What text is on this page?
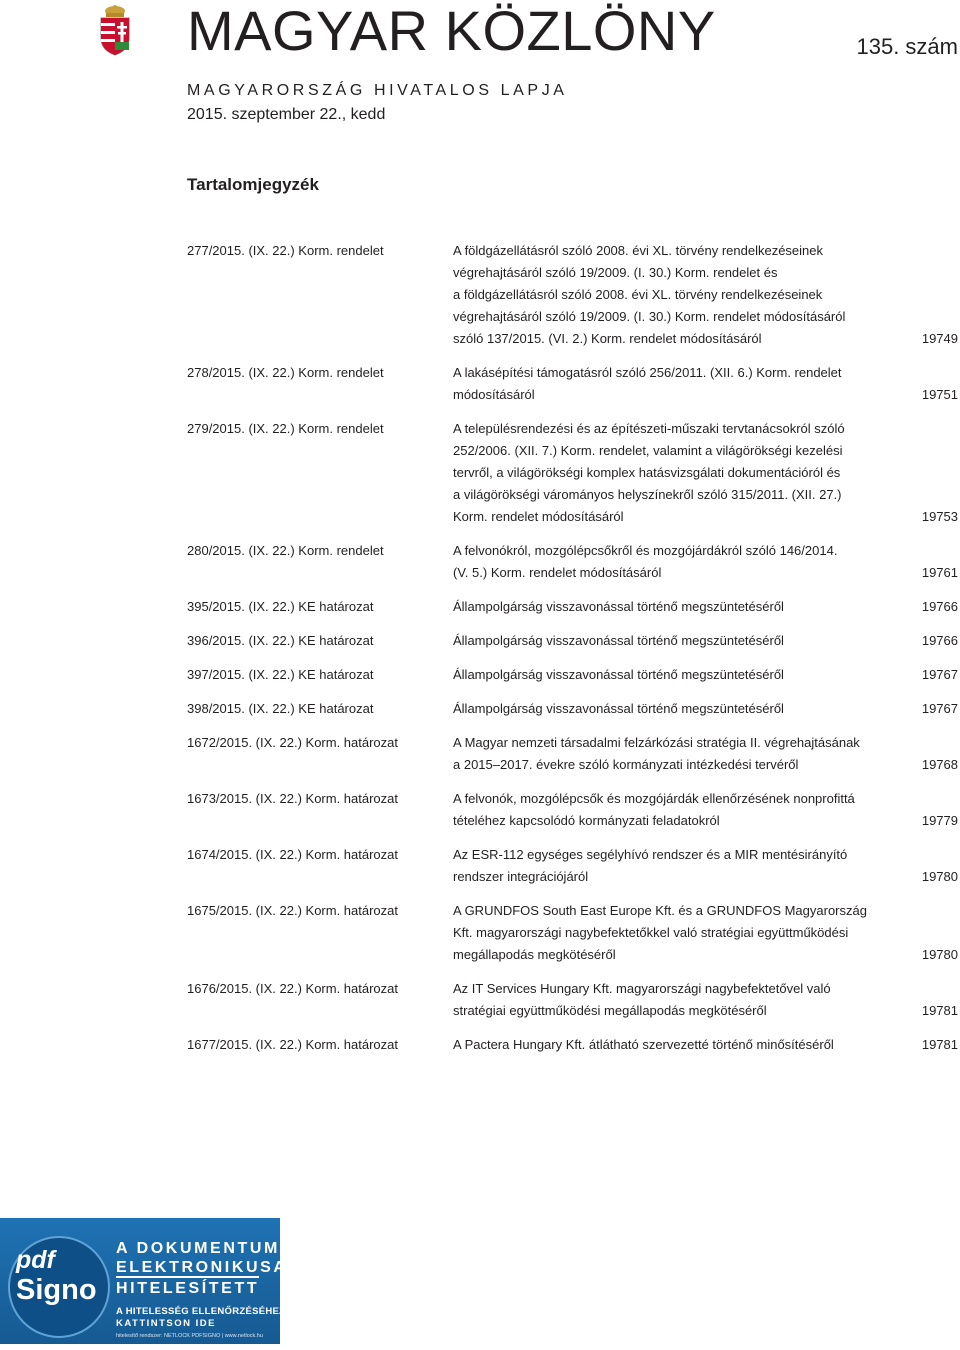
MAGYAR KÖZLÖNY	135. szám
MAGYARORSZÁG HIVATALOS LAPJA
2015. szeptember 22., kedd
Tartalomjegyzék
277/2015. (IX. 22.) Korm. rendelet	A földgázellátásról szóló 2008. évi XL. törvény rendelkezéseinek
végrehajtásáról szóló 19/2009. (I. 30.) Korm. rendelet és
a földgázellátásról szóló 2008. évi XL. törvény rendelkezéseinek
végrehajtásáról szóló 19/2009. (I. 30.) Korm. rendelet módosításáról
szóló 137/2015. (VI. 2.) Korm. rendelet módosításáról	19749
278/2015. (IX. 22.) Korm. rendelet	A lakásépítési támogatásról szóló 256/2011. (XII. 6.) Korm. rendelet
módosításáról	19751
279/2015. (IX. 22.) Korm. rendelet	A településrendezési és az építészeti-műszaki tervtanácsokról szóló
252/2006. (XII. 7.) Korm. rendelet, valamint a világörökségi kezelési
tervről, a világörökségi komplex hatásvizsgálati dokumentációról és
a világörökségi várományos helyszínekről szóló 315/2011. (XII. 27.)
Korm. rendelet módosításáról	19753
280/2015. (IX. 22.) Korm. rendelet	A felvonókról, mozgólépcsőkről és mozgójárdákról szóló 146/2014.
(V. 5.) Korm. rendelet módosításáról	19761
395/2015. (IX. 22.) KE határozat	Állampolgárság visszavonással történő megszüntetéséről	19766
396/2015. (IX. 22.) KE határozat	Állampolgárság visszavonással történő megszüntetéséről	19766
397/2015. (IX. 22.) KE határozat	Állampolgárság visszavonással történő megszüntetéséről	19767
398/2015. (IX. 22.) KE határozat	Állampolgárság visszavonással történő megszüntetéséről	19767
1672/2015. (IX. 22.) Korm. határozat	A Magyar nemzeti társadalmi felzárkózási stratégia II. végrehajtásának
a 2015–2017. évekre szóló kormányzati intézkedési tervéről	19768
1673/2015. (IX. 22.) Korm. határozat	A felvonók, mozgólépcsők és mozgójárdák ellenőrzésének nonprofittá
tételéhez kapcsolódó kormányzati feladatokról	19779
1674/2015. (IX. 22.) Korm. határozat	Az ESR-112 egységes segélyhívó rendszer és a MIR mentésirányító
rendszer integrációjáról	19780
1675/2015. (IX. 22.) Korm. határozat	A GRUNDFOS South East Europe Kft. és a GRUNDFOS Magyarország
Kft. magyarországi nagybefektetőkkel való stratégiai együttműködési
megállapodás megkötéséről	19780
1676/2015. (IX. 22.) Korm. határozat	Az IT Services Hungary Kft. magyarországi nagybefektetővel való
stratégiai együttműködési megállapodás megkötéséről	19781
1677/2015. (IX. 22.) Korm. határozat	A Pactera Hungary Kft. átlátható szervezetté történő minősítéséről	19781
pdf
Signo
A DOKUMENTUM
ELEKTRONIKUSAN
HITELESÍTETT
A HITELESSÉG ELLENŐRZÉSÉHEZ
KATTINTSON IDE
hitelesítő rendszer: NETLOCK PDFSIGNO | www.netlock.hu
